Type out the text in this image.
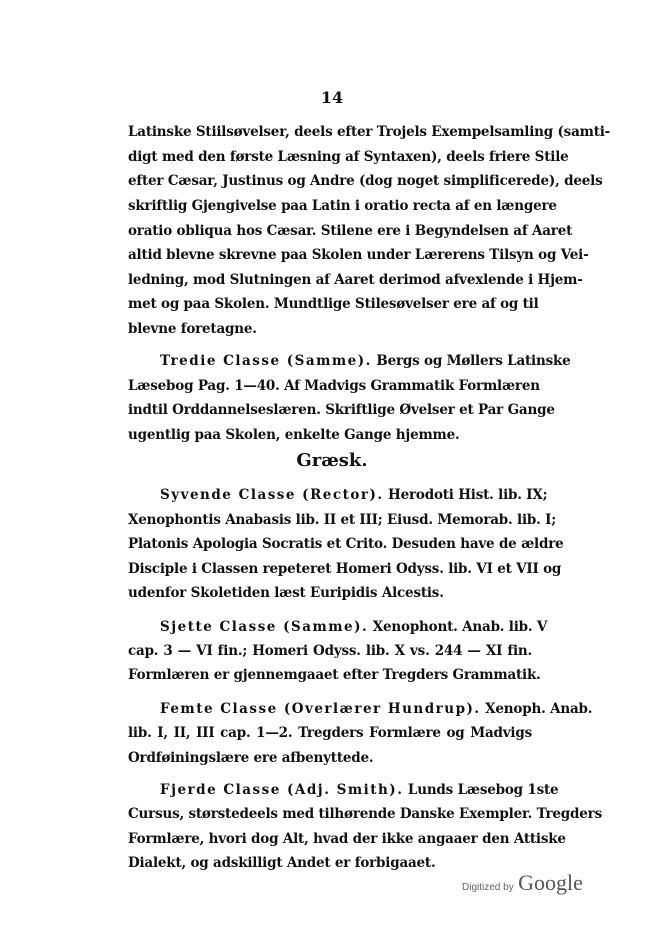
14
Latinske Stiilsøvelser, deels efter Trojels Exempelsamling (samti-
digt med den første Læsning af Syntaxen), deels friere Stile
efter Cæsar, Justinus og Andre (dog noget simplificerede), deels
skriftlig Gjengivelse paa Latin i oratio recta af en længere
oratio obliqua hos Cæsar. Stilene ere i Begyndelsen af Aaret
altid blevne skrevne paa Skolen under Lærerens Tilsyn og Vei-
ledning, mod Slutningen af Aaret derimod afvexlende i Hjem-
met og paa Skolen. Mundtlige Stilesøvelser ere af og til
blevne foretagne.
Tredie Classe (Samme). Bergs og Møllers Latinske
Læsebog Pag. 1—40. Af Madvigs Grammatik Formlæren
indtil Orddannelseslæren. Skriftlige Øvelser et Par Gange
ugentlig paa Skolen, enkelte Gange hjemme.
Græsk.
Syvende Classe (Rector). Herodoti Hist. lib. IX;
Xenophontis Anabasis lib. II et III; Eiusd. Memorab. lib. I;
Platonis Apologia Socratis et Crito. Desuden have de ældre
Disciple i Classen repeteret Homeri Odyss. lib. VI et VII og
udenfor Skoletiden læst Euripidis Alcestis.
Sjette Classe (Samme). Xenophont. Anab. lib. V
cap. 3 — VI fin.; Homeri Odyss. lib. X vs. 244 — XI fin.
Formlæren er gjennemgaaet efter Tregders Grammatik.
Femte Classe (Overlærer Hundrup). Xenoph. Anab.
lib. I, II, III cap. 1—2. Tregders Formlære og Madvigs
Ordføiningslære ere afbenyttede.
Fjerde Classe (Adj. Smith). Lunds Læsebog 1ste
Cursus, størstedeels med tilhørende Danske Exempler. Tregders
Formlære, hvori dog Alt, hvad der ikke angaaer den Attiske
Dialekt, og adskilligt Andet er forbigaaet.
Digitized by Google
